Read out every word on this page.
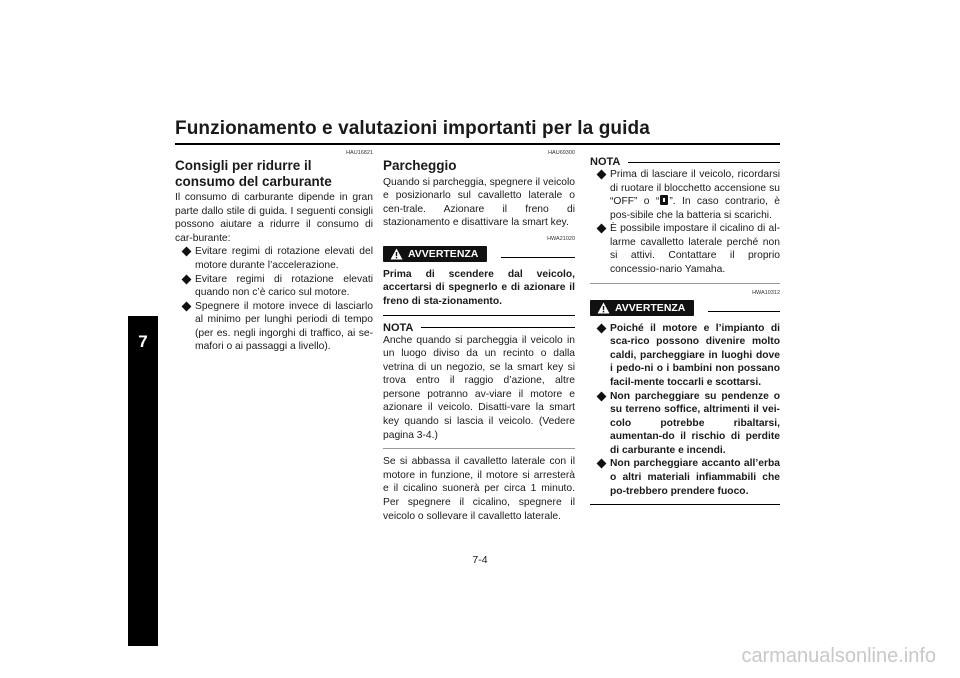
Funzionamento e valutazioni importanti per la guida
7
HAU16821
Consigli per ridurre il consumo del carburante

Il consumo di carburante dipende in gran parte dallo stile di guida. I seguenti consigli possono aiutare a ridurre il consumo di car-burante:

Evitare regimi di rotazione elevati del motore durante l’accelerazione.
Evitare regimi di rotazione elevati quando non c’è carico sul motore.
Spegnere il motore invece di lasciarlo al minimo per lunghi periodi di tempo (per es. negli ingorghi di traffico, ai se-mafori o ai passaggi a livello).
HAU69300
Parcheggio

Quando si parcheggia, spegnere il veicolo e posizionarlo sul cavalletto laterale o cen-trale. Azionare il freno di stazionamento e disattivare la smart key.

HWA21020
AVVERTENZA

Prima di scendere dal veicolo, accertarsi di spegnerlo e di azionare il freno di sta-zionamento.

NOTA

Anche quando si parcheggia il veicolo in un luogo diviso da un recinto o dalla vetrina di un negozio, se la smart key si trova entro il raggio d’azione, altre persone potranno av-viare il motore e azionare il veicolo. Disatti-vare la smart key quando si lascia il veicolo. (Vedere pagina 3-4.)

Se si abbassa il cavalletto laterale con il motore in funzione, il motore si arresterà e il cicalino suonerà per circa 1 minuto. Per spegnere il cicalino, spegnere il veicolo o sollevare il cavalletto laterale.

NOTA
Prima di lasciare il veicolo, ricordarsi di ruotare il blocchetto accensione su “OFF” o “ ”. In caso contrario, è pos-sibile che la batteria si scarichi.
È possibile impostare il cicalino di al-larme cavalletto laterale perché non si attivi. Contattare il proprio concessio-nario Yamaha.
HWA10312
AVVERTENZA
Poiché il motore e l’impianto di sca-rico possono divenire molto caldi, parcheggiare in luoghi dove i pedo-ni o i bambini non possano facil-mente toccarli e scottarsi.
Non parcheggiare su pendenze o su terreno soffice, altrimenti il vei-colo potrebbe ribaltarsi, aumentan-do il rischio di perdite di carburante e incendi.
Non parcheggiare accanto all’erba o altri materiali infiammabili che po-trebbero prendere fuoco.
7-4
carmanualsonline.info
